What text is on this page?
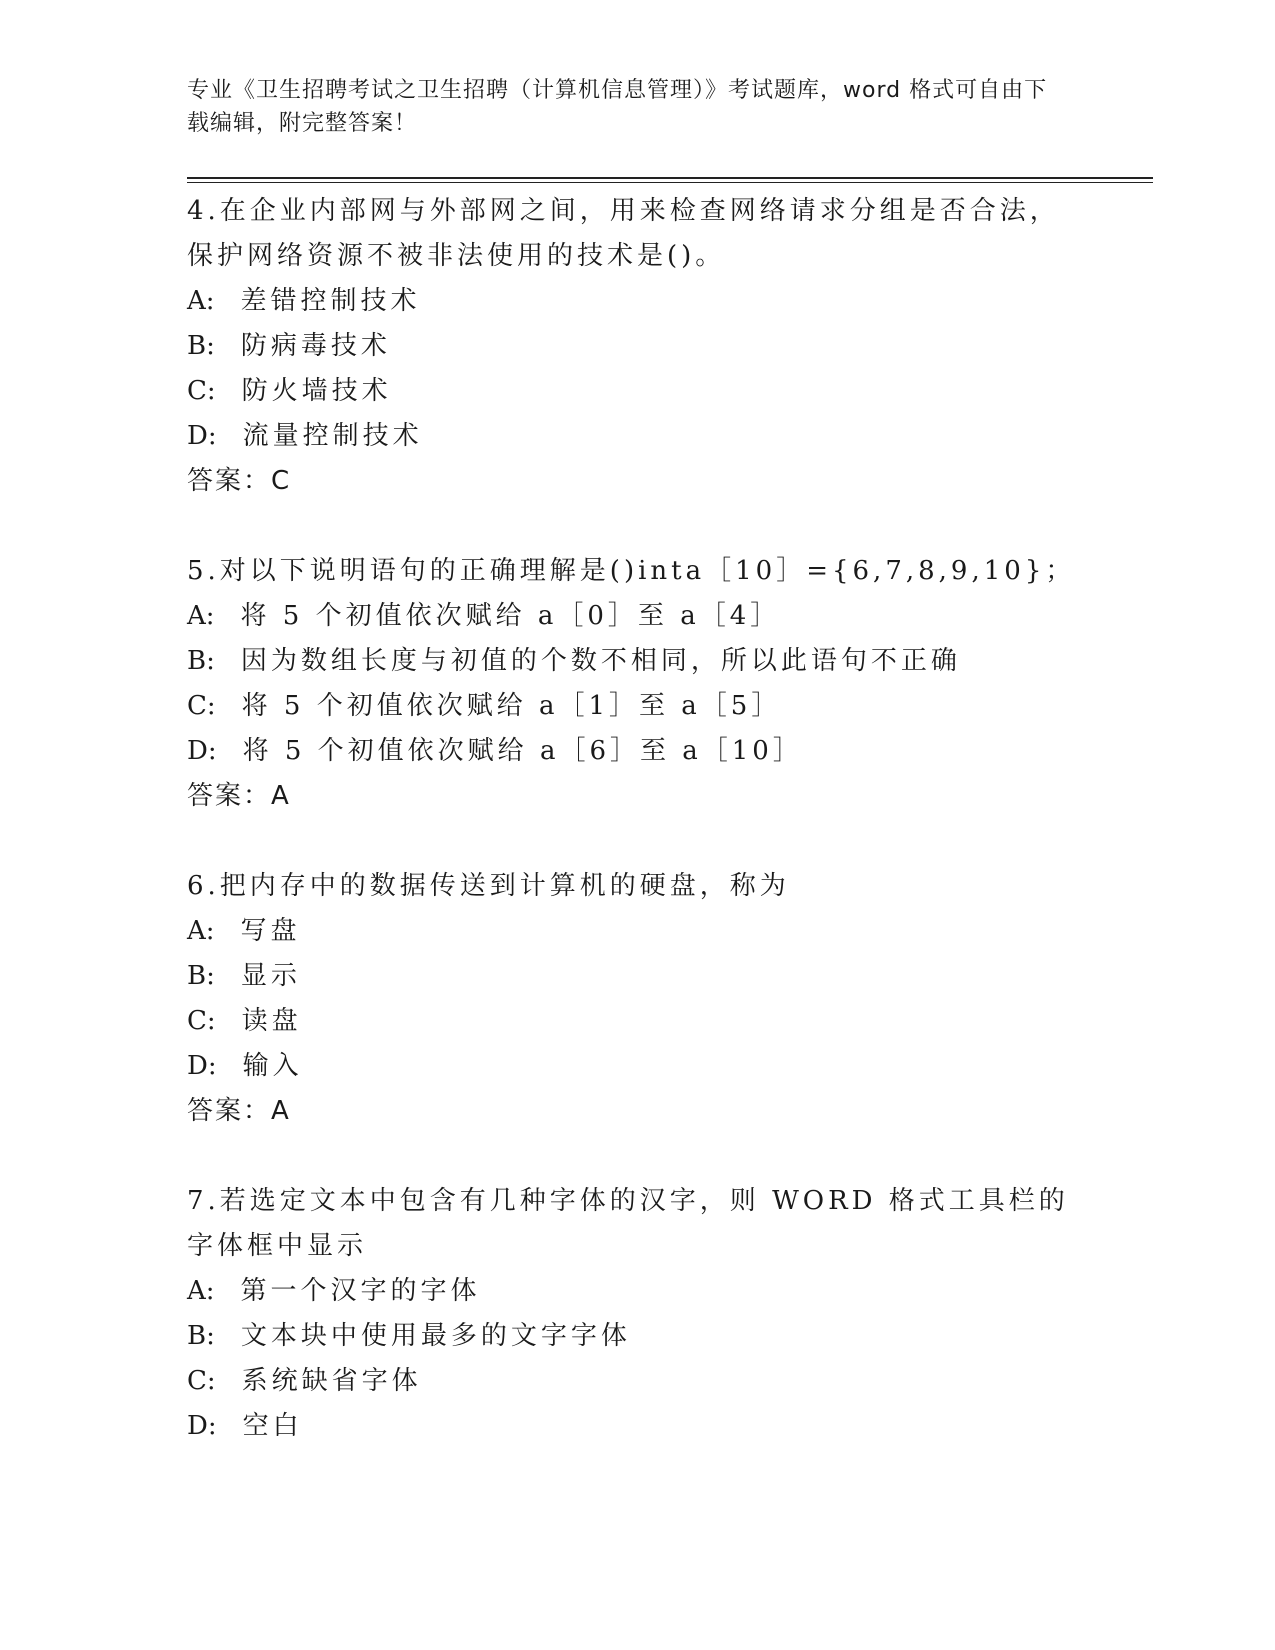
专业《卫生招聘考试之卫生招聘（计算机信息管理）》考试题库，word 格式可自由下载编辑，附完整答案！
4.在企业内部网与外部网之间，用来检查网络请求分组是否合法，保护网络资源不被非法使用的技术是()。
A: 差错控制技术
B: 防病毒技术
C: 防火墙技术
D: 流量控制技术
答案：C
5.对以下说明语句的正确理解是()inta［10］={6,7,8,9,10}；
A: 将 5 个初值依次赋给 a［0］至 a［4］
B: 因为数组长度与初值的个数不相同，所以此语句不正确
C: 将 5 个初值依次赋给 a［1］至 a［5］
D: 将 5 个初值依次赋给 a［6］至 a［10］
答案：A
6.把内存中的数据传送到计算机的硬盘，称为
A: 写盘
B: 显示
C: 读盘
D: 输入
答案：A
7.若选定文本中包含有几种字体的汉字，则 WORD 格式工具栏的字体框中显示
A: 第一个汉字的字体
B: 文本块中使用最多的文字字体
C: 系统缺省字体
D: 空白
